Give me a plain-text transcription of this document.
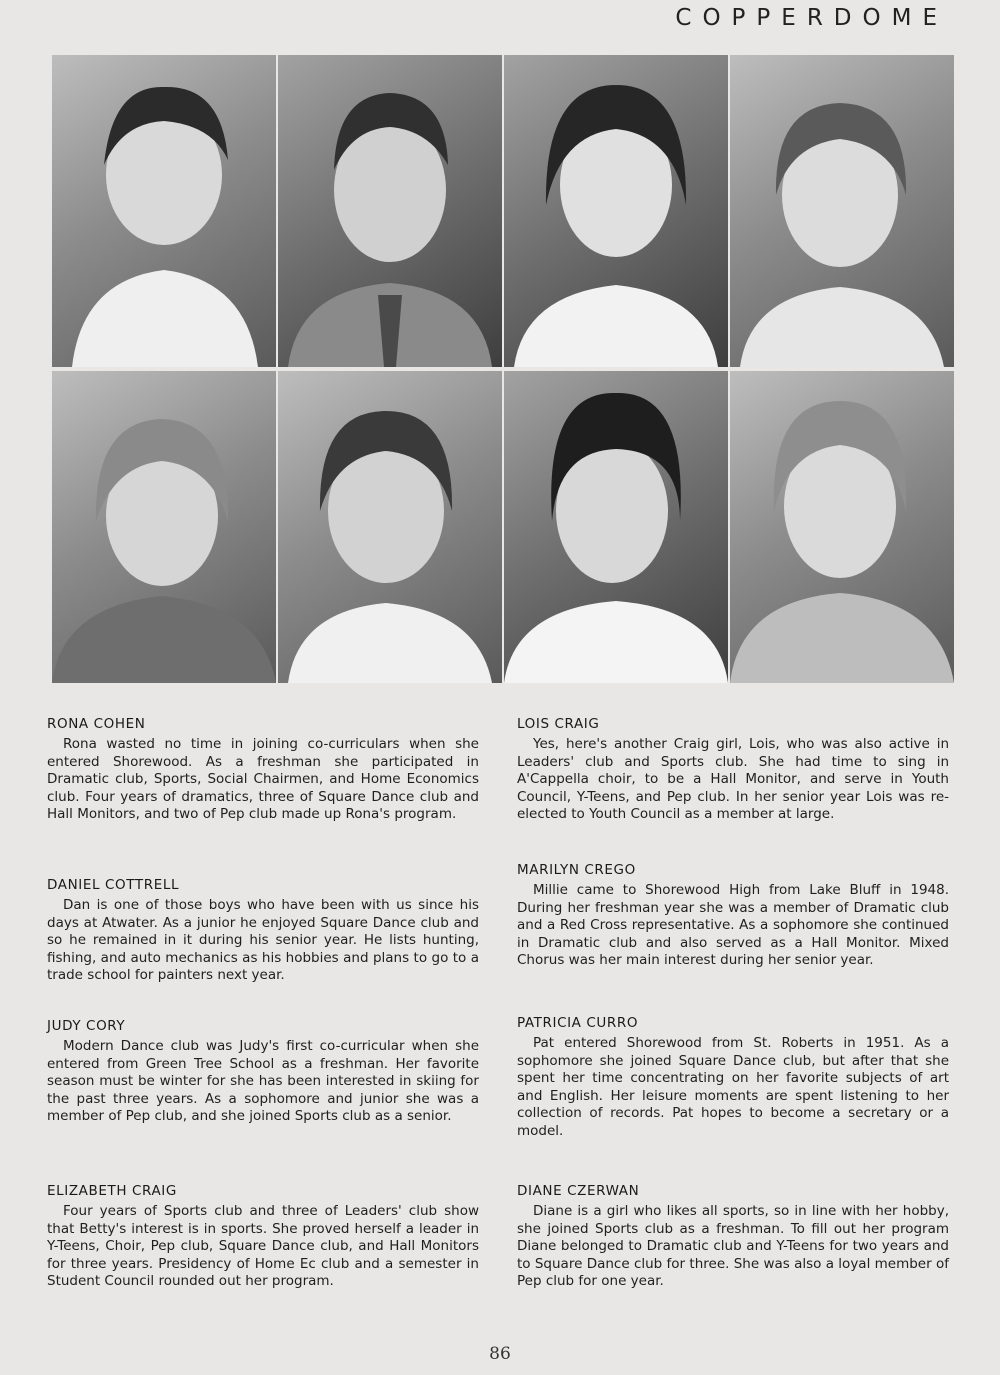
COPPERDOME
RONA COHEN
Rona wasted no time in joining co-curriculars when she entered Shorewood. As a freshman she participated in Dramatic club, Sports, Social Chairmen, and Home Economics club. Four years of dramatics, three of Square Dance club and Hall Monitors, and two of Pep club made up Rona's program.
DANIEL COTTRELL
Dan is one of those boys who have been with us since his days at Atwater. As a junior he enjoyed Square Dance club and so he remained in it during his senior year. He lists hunting, fishing, and auto mechanics as his hobbies and plans to go to a trade school for painters next year.
JUDY CORY
Modern Dance club was Judy's first co-curricular when she entered from Green Tree School as a freshman. Her favorite season must be winter for she has been interested in skiing for the past three years. As a sophomore and junior she was a member of Pep club, and she joined Sports club as a senior.
ELIZABETH CRAIG
Four years of Sports club and three of Leaders' club show that Betty's interest is in sports. She proved herself a leader in Y-Teens, Choir, Pep club, Square Dance club, and Hall Monitors for three years. Presidency of Home Ec club and a semester in Student Council rounded out her program.
LOIS CRAIG
Yes, here's another Craig girl, Lois, who was also active in Leaders' club and Sports club. She had time to sing in A'Cappella choir, to be a Hall Monitor, and serve in Youth Council, Y-Teens, and Pep club. In her senior year Lois was re-elected to Youth Council as a member at large.
MARILYN CREGO
Millie came to Shorewood High from Lake Bluff in 1948. During her freshman year she was a member of Dramatic club and a Red Cross representative. As a sophomore she continued in Dramatic club and also served as a Hall Monitor. Mixed Chorus was her main interest during her senior year.
PATRICIA CURRO
Pat entered Shorewood from St. Roberts in 1951. As a sophomore she joined Square Dance club, but after that she spent her time concentrating on her favorite subjects of art and English. Her leisure moments are spent listening to her collection of records. Pat hopes to become a secretary or a model.
DIANE CZERWAN
Diane is a girl who likes all sports, so in line with her hobby, she joined Sports club as a freshman. To fill out her program Diane belonged to Dramatic club and Y-Teens for two years and to Square Dance club for three. She was also a loyal member of Pep club for one year.
86
